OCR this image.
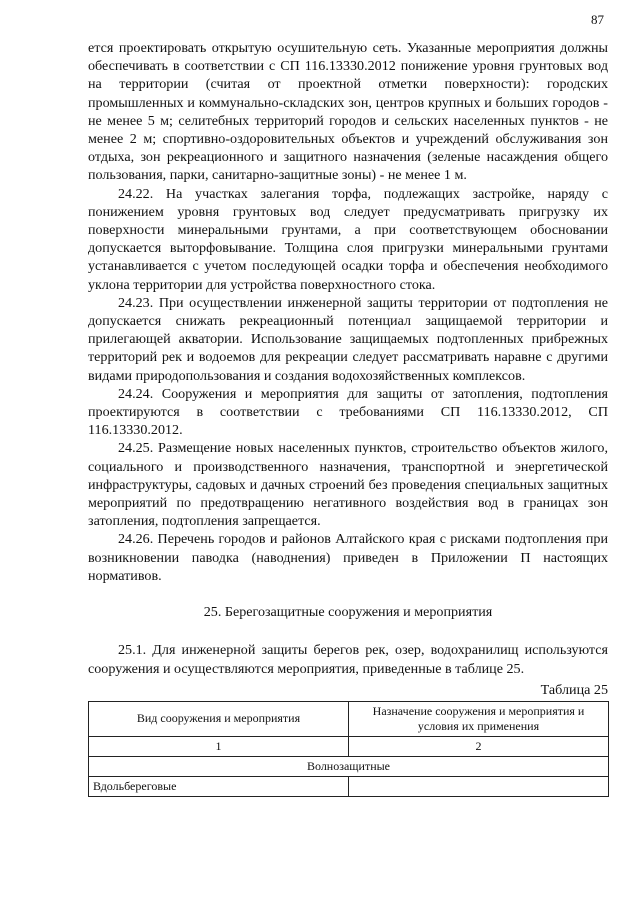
87

ется проектировать открытую осушительную сеть. Указанные мероприятия должны обеспечивать в соответствии с СП 116.13330.2012 понижение уровня грунтовых вод на территории (считая от проектной отметки поверхности): городских промышленных и коммунально-складских зон, центров крупных и больших городов - не менее 5 м; селитебных территорий городов и сельских населенных пунктов - не менее 2 м; спортивно-оздоровительных объектов и учреждений обслуживания зон отдыха, зон рекреационного и защитного назначения (зеленые насаждения общего пользования, парки, санитарно-защитные зоны) - не менее 1 м.

24.22. На участках залегания торфа, подлежащих застройке, наряду с понижением уровня грунтовых вод следует предусматривать пригрузку их поверхности минеральными грунтами, а при соответствующем обосновании допускается выторфовывание. Толщина слоя пригрузки минеральными грунтами устанавливается с учетом последующей осадки торфа и обеспечения необходимого уклона территории для устройства поверхностного стока.

24.23. При осуществлении инженерной защиты территории от подтопления не допускается снижать рекреационный потенциал защищаемой территории и прилегающей акватории. Использование защищаемых подтопленных прибрежных территорий рек и водоемов для рекреации следует рассматривать наравне с другими видами природопользования и создания водохозяйственных комплексов.

24.24. Сооружения и мероприятия для защиты от затопления, подтопления проектируются в соответствии с требованиями СП 116.13330.2012, СП 116.13330.2012.

24.25. Размещение новых населенных пунктов, строительство объектов жилого, социального и производственного назначения, транспортной и энергетической инфраструктуры, садовых и дачных строений без проведения специальных защитных мероприятий по предотвращению негативного воздействия вод в границах зон затопления, подтопления запрещается.

24.26. Перечень городов и районов Алтайского края с рисками подтопления при возникновении паводка (наводнения) приведен в Приложении П настоящих нормативов.

25. Берегозащитные сооружения и мероприятия

25.1. Для инженерной защиты берегов рек, озер, водохранилищ используются сооружения и осуществляются мероприятия, приведенные в таблице 25.

Таблица 25

Вид сооружения и мероприятия	Назначение сооружения и мероприятия и условия их применения
1	2
Волнозащитные	
Вдольбереговые	
